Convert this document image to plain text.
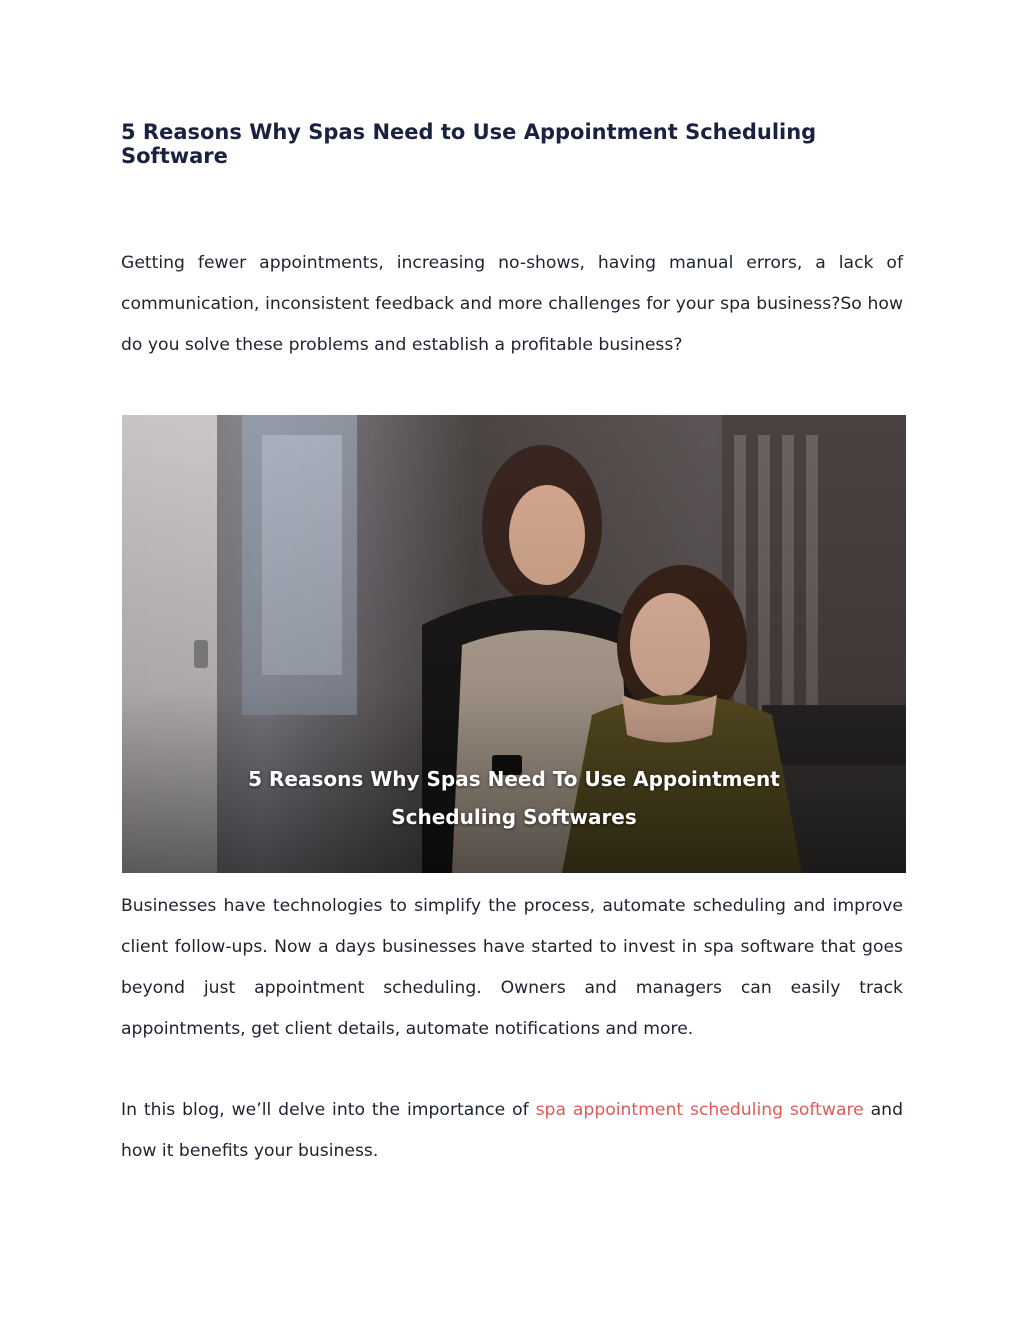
5 Reasons Why Spas Need to Use Appointment Scheduling Software

Getting fewer appointments, increasing no-shows, having manual errors, a lack of communication, inconsistent feedback and more challenges for your spa business?So how do you solve these problems and establish a profitable business?

5 Reasons Why Spas Need To Use Appointment
Scheduling Softwares

Businesses have technologies to simplify the process, automate scheduling and improve client follow-ups. Now a days businesses have started to invest in spa software that goes beyond just appointment scheduling. Owners and managers can easily track appointments, get client details, automate notifications and more.

In this blog, we’ll delve into the importance of spa appointment scheduling software and how it benefits your business.
